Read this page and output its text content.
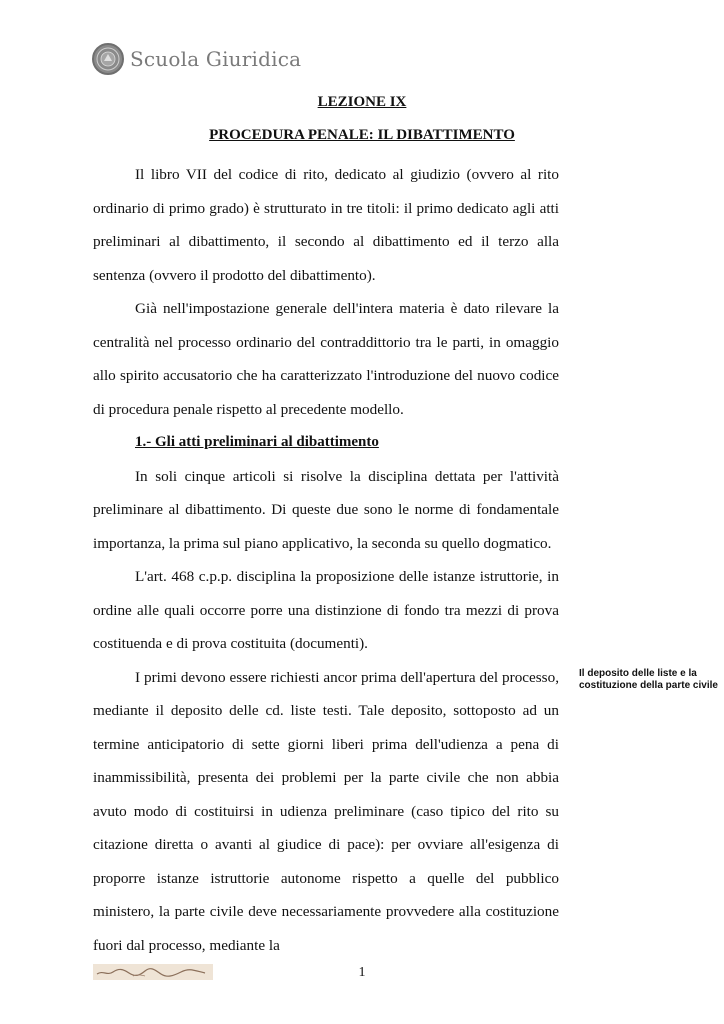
Scuola Giuridica
LEZIONE IX
PROCEDURA PENALE: IL DIBATTIMENTO

Il libro VII del codice di rito, dedicato al giudizio (ovvero al rito ordinario di primo grado) è strutturato in tre titoli: il primo dedicato agli atti preliminari al dibattimento, il secondo al dibattimento ed il terzo alla sentenza (ovvero il prodotto del dibattimento).

Già nell'impostazione generale dell'intera materia è dato rilevare la centralità nel processo ordinario del contraddittorio tra le parti, in omaggio allo spirito accusatorio che ha caratterizzato l'introduzione del nuovo codice di procedura penale rispetto al precedente modello.

1.- Gli atti preliminari al dibattimento

In soli cinque articoli si risolve la disciplina dettata per l'attività preliminare al dibattimento. Di queste due sono le norme di fondamentale importanza, la prima sul piano applicativo, la seconda su quello dogmatico.

L'art. 468 c.p.p. disciplina la proposizione delle istanze istruttorie, in ordine alle quali occorre porre una distinzione di fondo tra mezzi di prova costituenda e di prova costituita (documenti).

I primi devono essere richiesti ancor prima dell'apertura del processo, mediante il deposito delle cd. liste testi. Tale deposito, sottoposto ad un termine anticipatorio di sette giorni liberi prima dell'udienza a pena di inammissibilità, presenta dei problemi per la parte civile che non abbia avuto modo di costituirsi in udienza preliminare (caso tipico del rito su citazione diretta o avanti al giudice di pace): per ovviare all'esigenza di proporre istanze istruttorie autonome rispetto a quelle del pubblico ministero, la parte civile deve necessariamente provvedere alla costituzione fuori dal processo, mediante la

Il deposito delle liste e la costituzione della parte civile
1
